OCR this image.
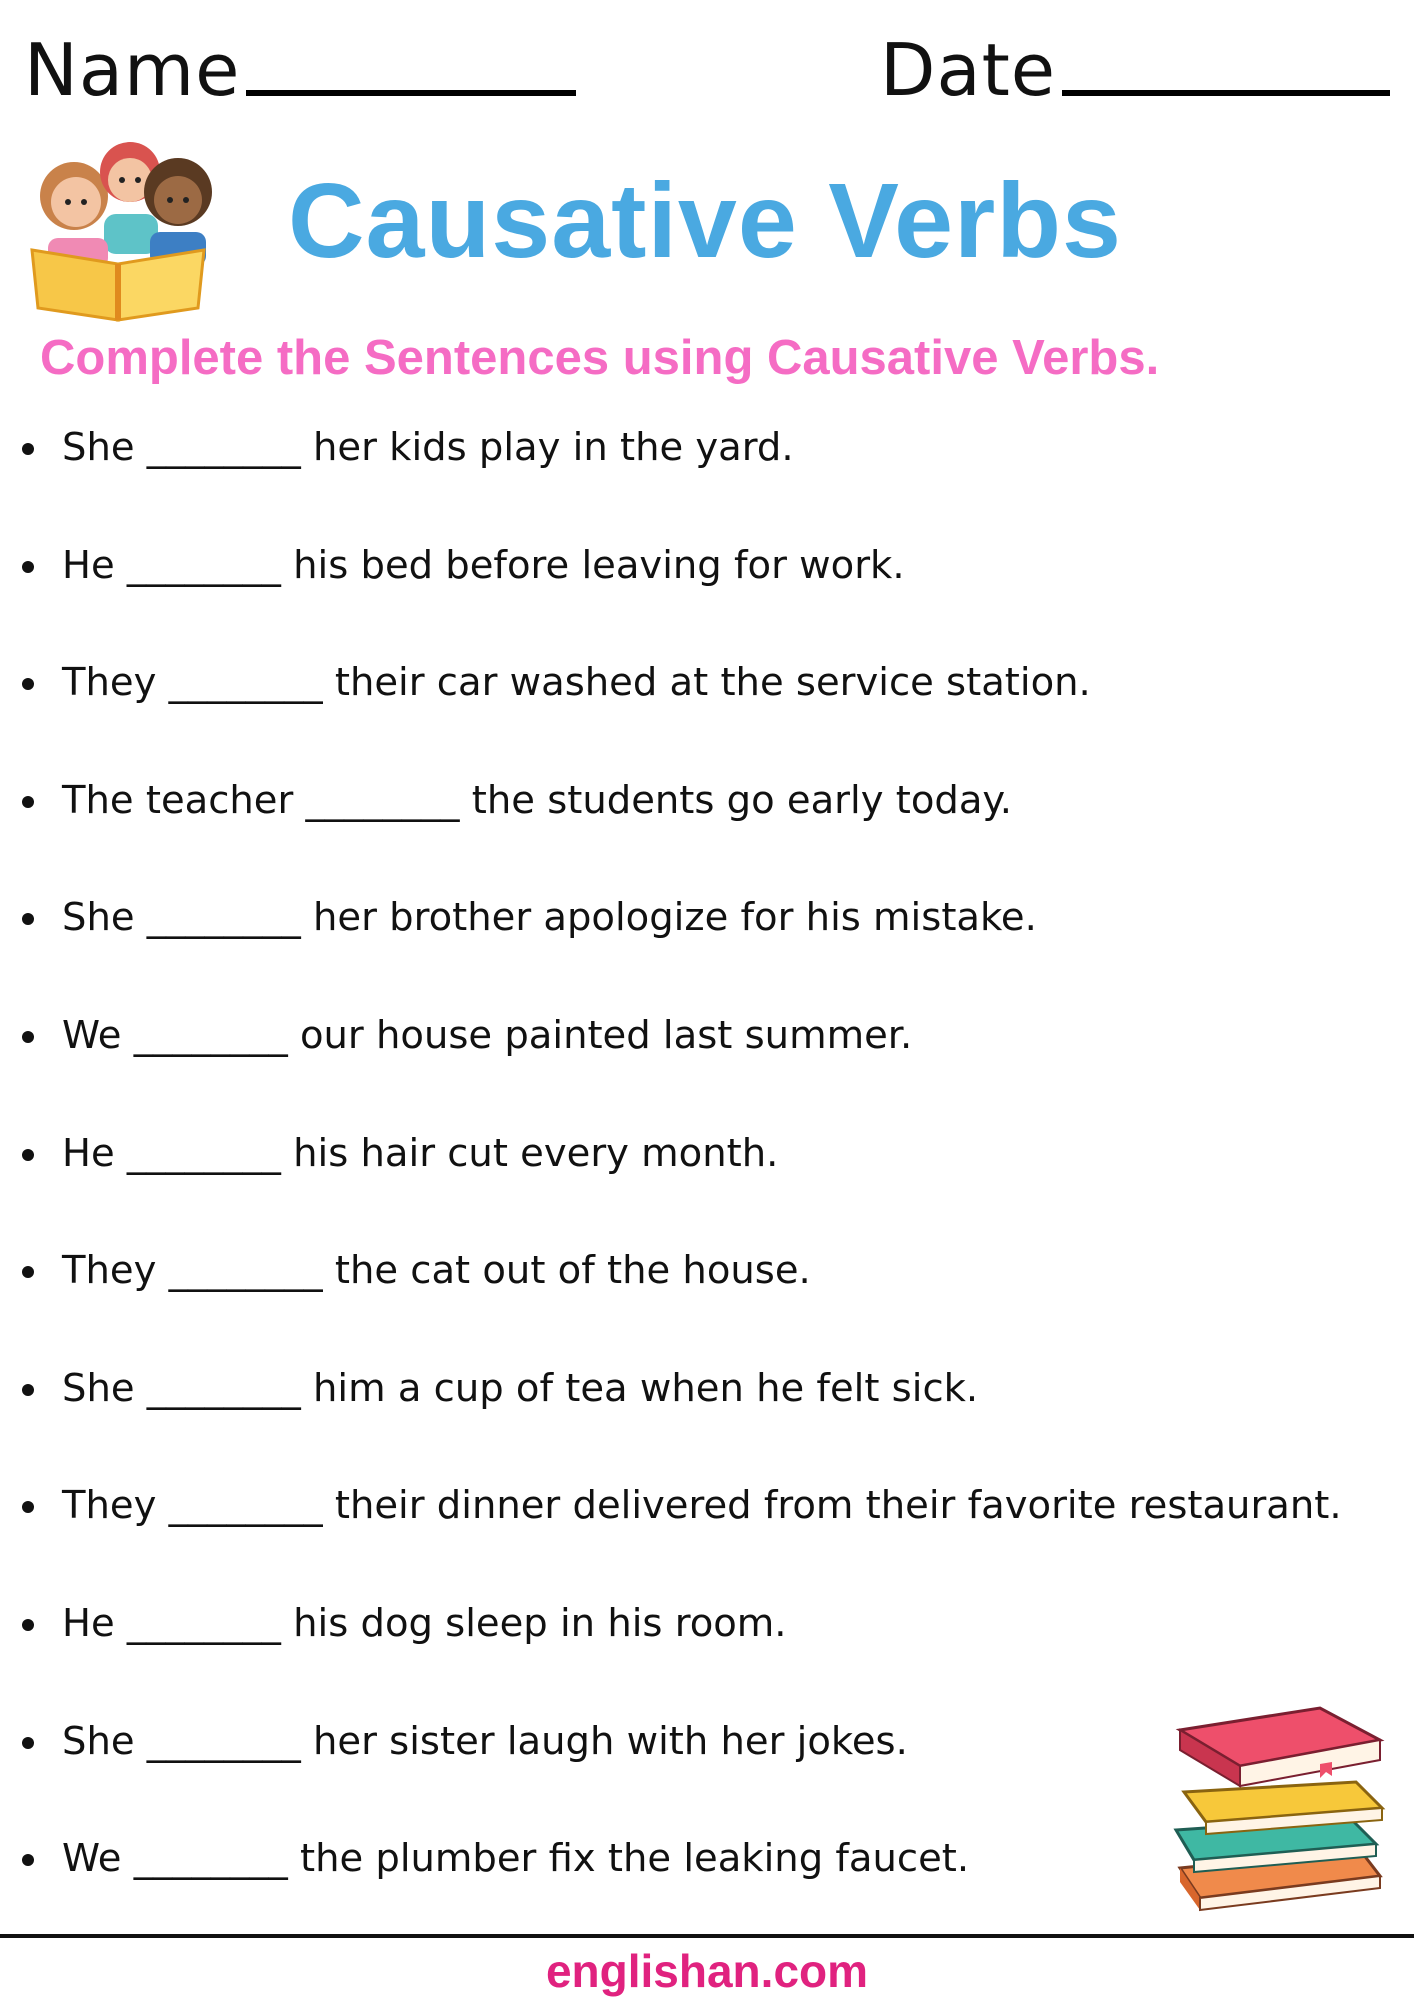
Name	Date
Causative Verbs
Complete the Sentences using Causative Verbs.
She ________ her kids play in the yard.
He ________ his bed before leaving for work.
They ________ their car washed at the service station.
The teacher ________ the students go early today.
She ________ her brother apologize for his mistake.
We ________ our house painted last summer.
He ________ his hair cut every month.
They ________ the cat out of the house.
She ________ him a cup of tea when he felt sick.
They ________ their dinner delivered from their favorite restaurant.
He ________ his dog sleep in his room.
She ________ her sister laugh with her jokes.
We ________ the plumber fix the leaking faucet.
englishan.com
